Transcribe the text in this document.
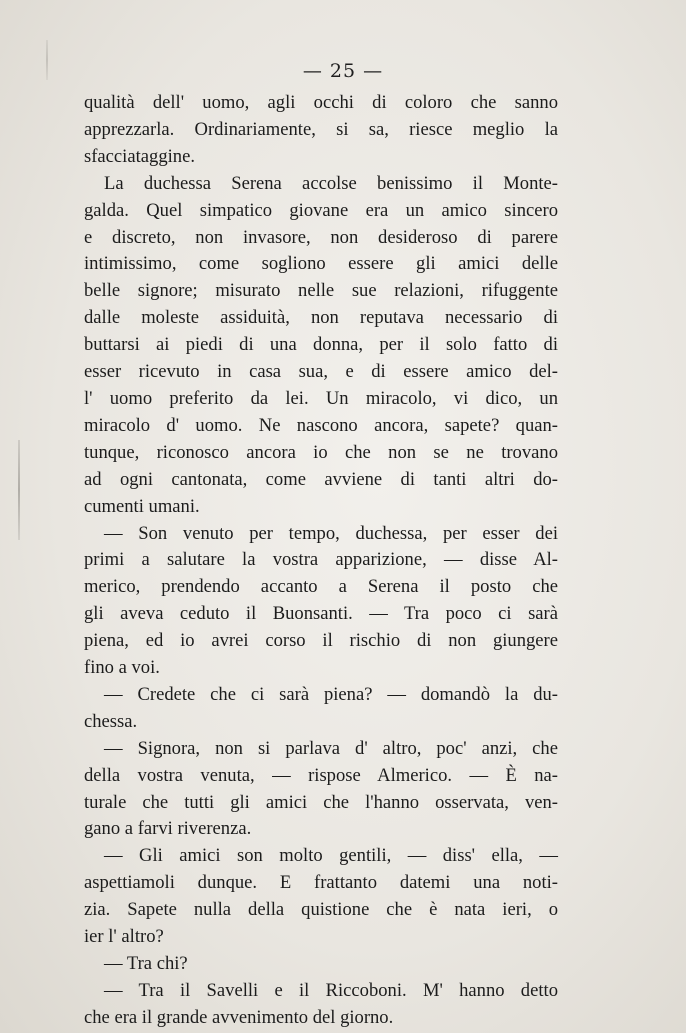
— 25 —
qualità dell' uomo, agli occhi di coloro che sanno
apprezzarla. Ordinariamente, si sa, riesce meglio la
sfacciataggine.
La duchessa Serena accolse benissimo il Monte-
galda. Quel simpatico giovane era un amico sincero
e discreto, non invasore, non desideroso di parere
intimissimo, come sogliono essere gli amici delle
belle signore; misurato nelle sue relazioni, rifuggente
dalle moleste assiduità, non reputava necessario di
buttarsi ai piedi di una donna, per il solo fatto di
esser ricevuto in casa sua, e di essere amico del-
l' uomo preferito da lei. Un miracolo, vi dico, un
miracolo d' uomo. Ne nascono ancora, sapete? quan-
tunque, riconosco ancora io che non se ne trovano
ad ogni cantonata, come avviene di tanti altri do-
cumenti umani.
— Son venuto per tempo, duchessa, per esser dei
primi a salutare la vostra apparizione, — disse Al-
merico, prendendo accanto a Serena il posto che
gli aveva ceduto il Buonsanti. — Tra poco ci sarà
piena, ed io avrei corso il rischio di non giungere
fino a voi.
— Credete che ci sarà piena? — domandò la du-
chessa.
— Signora, non si parlava d' altro, poc' anzi, che
della vostra venuta, — rispose Almerico. — È na-
turale che tutti gli amici che l'hanno osservata, ven-
gano a farvi riverenza.
— Gli amici son molto gentili, — diss' ella, —
aspettiamoli dunque. E frattanto datemi una noti-
zia. Sapete nulla della quistione che è nata ieri, o
ier l' altro?
— Tra chi?
— Tra il Savelli e il Riccoboni. M' hanno detto
che era il grande avvenimento del giorno.
